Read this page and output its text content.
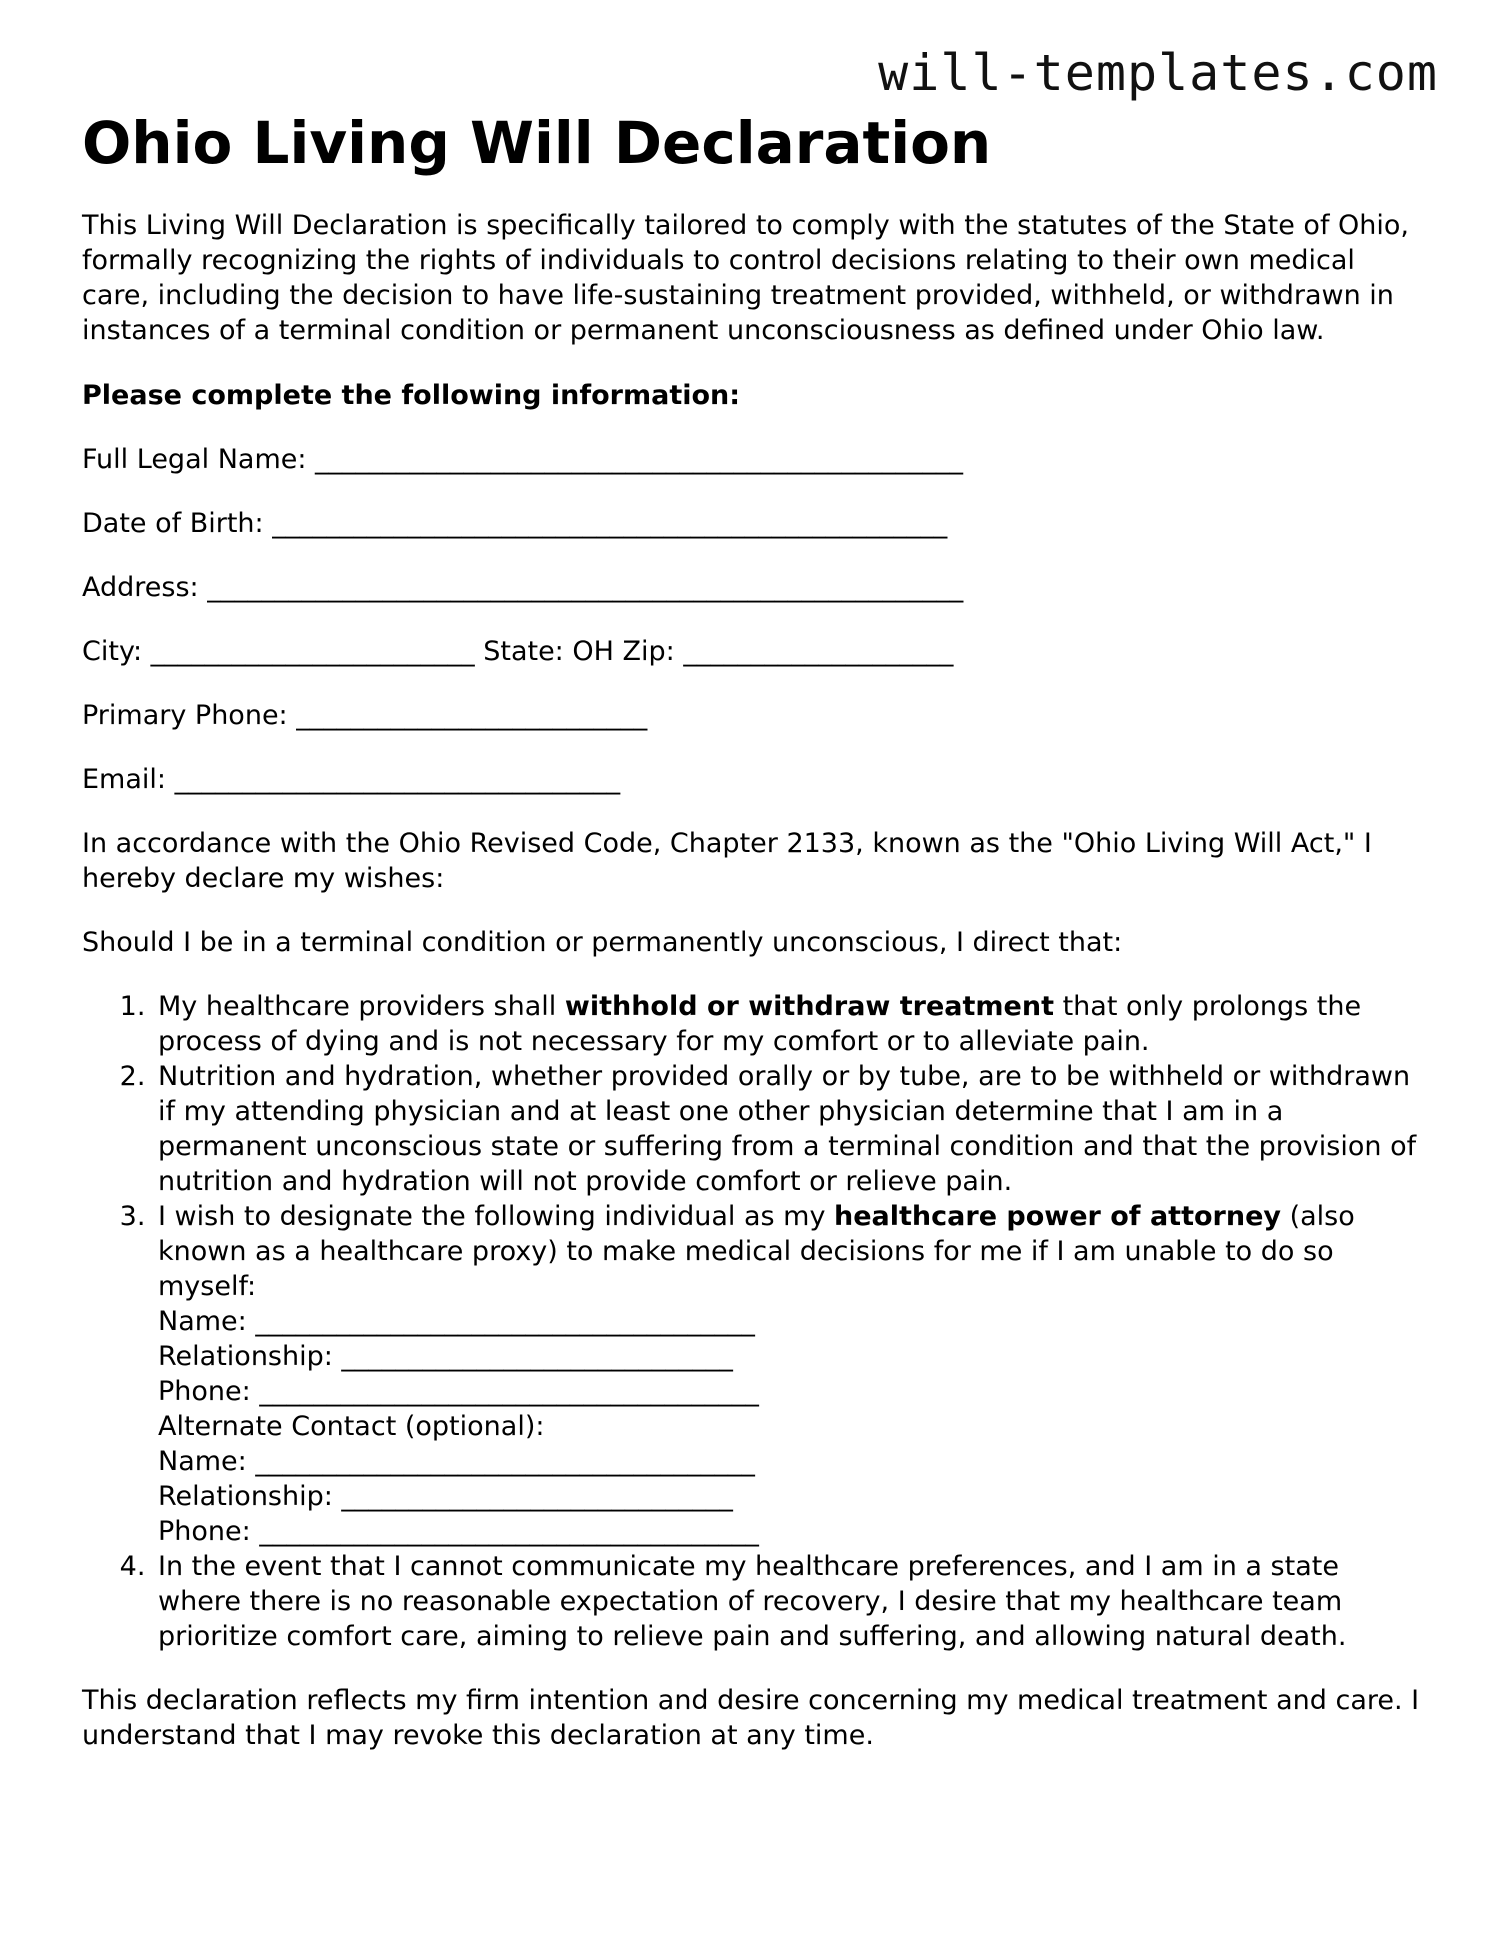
will-templates.com
Ohio Living Will Declaration

This Living Will Declaration is specifically tailored to comply with the statutes of the State of Ohio, formally recognizing the rights of individuals to control decisions relating to their own medical care, including the decision to have life-sustaining treatment provided, withheld, or withdrawn in instances of a terminal condition or permanent unconsciousness as defined under Ohio law.

Please complete the following information:

Full Legal Name: ________________________________________________

Date of Birth: __________________________________________________

Address: ________________________________________________________

City: ________________________ State: OH Zip: ____________________

Primary Phone: __________________________

Email: _________________________________

In accordance with the Ohio Revised Code, Chapter 2133, known as the "Ohio Living Will Act," I hereby declare my wishes:

Should I be in a terminal condition or permanently unconscious, I direct that:

1. My healthcare providers shall withhold or withdraw treatment that only prolongs the process of dying and is not necessary for my comfort or to alleviate pain.
2. Nutrition and hydration, whether provided orally or by tube, are to be withheld or withdrawn if my attending physician and at least one other physician determine that I am in a permanent unconscious state or suffering from a terminal condition and that the provision of nutrition and hydration will not provide comfort or relieve pain.
3. I wish to designate the following individual as my healthcare power of attorney (also known as a healthcare proxy) to make medical decisions for me if I am unable to do so myself:
Name: _____________________________________
Relationship: _____________________________
Phone: _____________________________________
Alternate Contact (optional):
Name: _____________________________________
Relationship: _____________________________
Phone: _____________________________________
4. In the event that I cannot communicate my healthcare preferences, and I am in a state where there is no reasonable expectation of recovery, I desire that my healthcare team prioritize comfort care, aiming to relieve pain and suffering, and allowing natural death.

This declaration reflects my firm intention and desire concerning my medical treatment and care. I understand that I may revoke this declaration at any time.
